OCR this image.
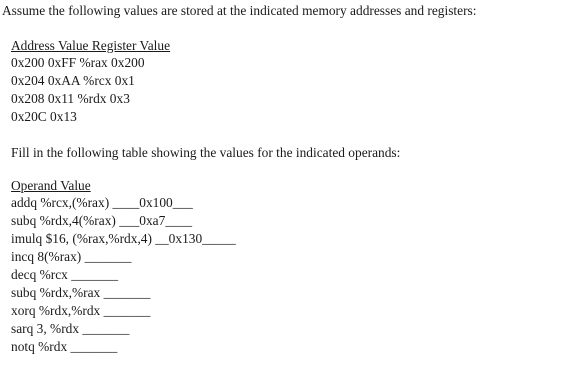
Assume the following values are stored at the indicated memory addresses and registers:
Address Value Register Value
0x200 0xFF %rax 0x200
0x204 0xAA %rcx 0x1
0x208 0x11 %rdx 0x3
0x20C 0x13
Fill in the following table showing the values for the indicated operands:
Operand Value
addq %rcx,(%rax) ____0x100___
subq %rdx,4(%rax) ___0xa7____
imulq $16, (%rax,%rdx,4) __0x130_____
incq 8(%rax) _______
decq %rcx _______
subq %rdx,%rax _______
xorq %rdx,%rdx _______
sarq 3, %rdx _______
notq %rdx _______
